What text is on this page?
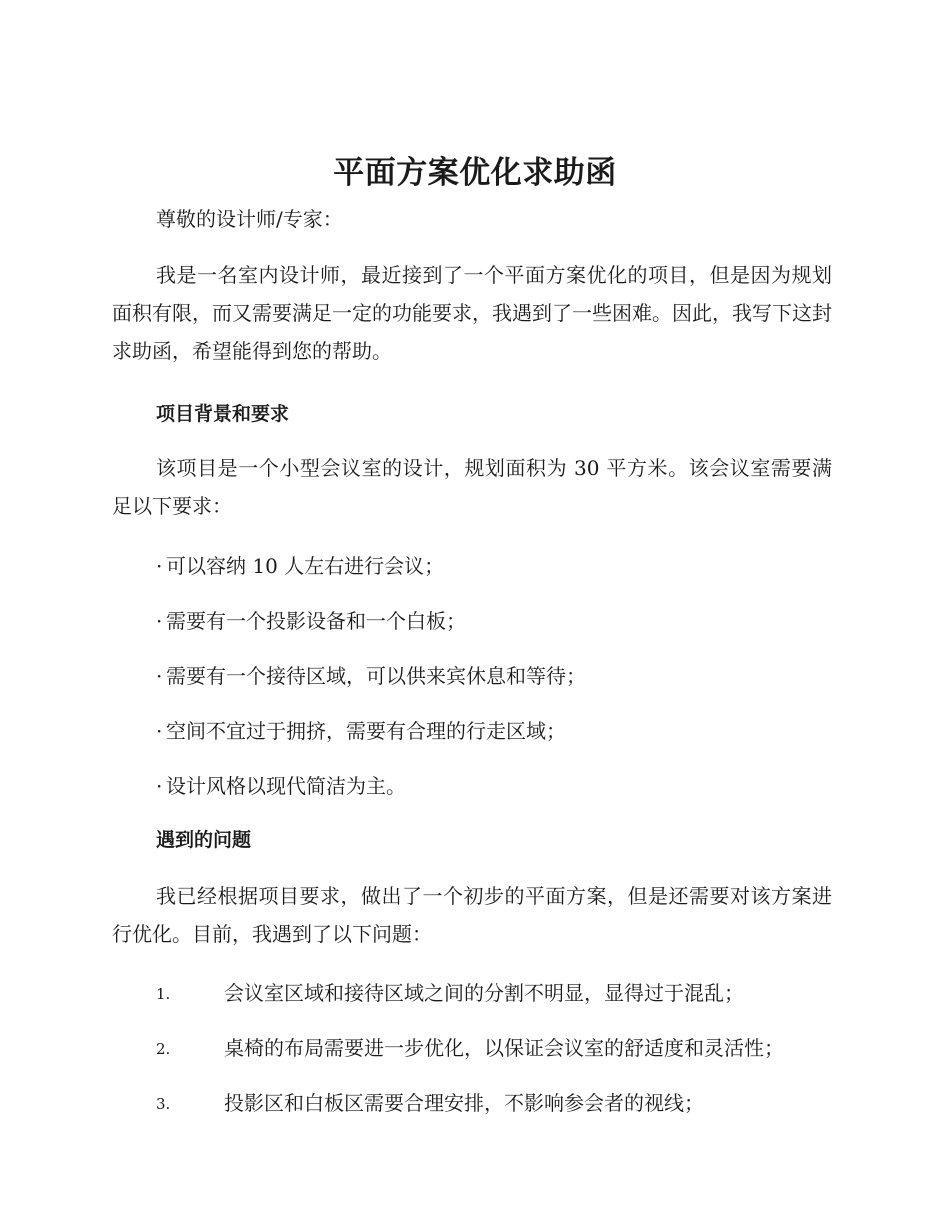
平面方案优化求助函
尊敬的设计师/专家：
我是一名室内设计师，最近接到了一个平面方案优化的项目，但是因为规划面积有限，而又需要满足一定的功能要求，我遇到了一些困难。因此，我写下这封求助函，希望能得到您的帮助。
项目背景和要求
该项目是一个小型会议室的设计，规划面积为 30 平方米。该会议室需要满足以下要求：
· 可以容纳 10 人左右进行会议；
· 需要有一个投影设备和一个白板；
· 需要有一个接待区域，可以供来宾休息和等待；
· 空间不宜过于拥挤，需要有合理的行走区域；
· 设计风格以现代简洁为主。
遇到的问题
我已经根据项目要求，做出了一个初步的平面方案，但是还需要对该方案进行优化。目前，我遇到了以下问题：
1.	会议室区域和接待区域之间的分割不明显，显得过于混乱；
2.	桌椅的布局需要进一步优化，以保证会议室的舒适度和灵活性；
3.	投影区和白板区需要合理安排，不影响参会者的视线；
